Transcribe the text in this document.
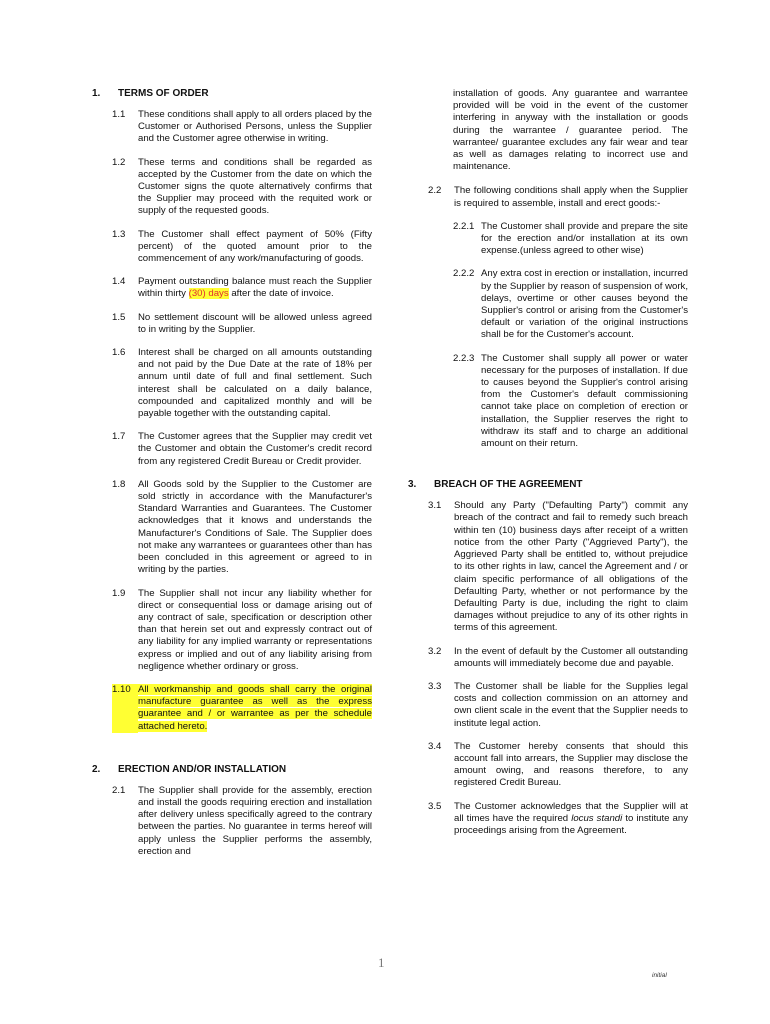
1.	TERMS OF ORDER
1.1	These conditions shall apply to all orders placed by the Customer or Authorised Persons, unless the Supplier and the Customer agree otherwise in writing.
1.2	These terms and conditions shall be regarded as accepted by the Customer from the date on which the Customer signs the quote alternatively confirms that the Supplier may proceed with the requited work or supply of the requested goods.
1.3	The Customer shall effect payment of 50% (Fifty percent) of the quoted amount prior to the commencement of any work/manufacturing of goods.
1.4	Payment outstanding balance must reach the Supplier within thirty (30) days after the date of invoice.
1.5	No settlement discount will be allowed unless agreed to in writing by the Supplier.
1.6	Interest shall be charged on all amounts outstanding and not paid by the Due Date at the rate of 18% per annum until date of full and final settlement. Such interest shall be calculated on a daily balance, compounded and capitalized monthly and will be payable together with the outstanding capital.
1.7	The Customer agrees that the Supplier may credit vet the Customer and obtain the Customer's credit record from any registered Credit Bureau or Credit provider.
1.8	All Goods sold by the Supplier to the Customer are sold strictly in accordance with the Manufacturer's Standard Warranties and Guarantees. The Customer acknowledges that it knows and understands the Manufacturer's Conditions of Sale. The Supplier does not make any warrantees or guarantees other than has been concluded in this agreement or agreed to in writing by the parties.
1.9	The Supplier shall not incur any liability whether for direct or consequential loss or damage arising out of any contract of sale, specification or description other than that herein set out and expressly contract out of any liability for any implied warranty or representations express or implied and out of any liability arising from negligence whether ordinary or gross.
1.10 All workmanship and goods shall carry the original manufacture guarantee as well as the express guarantee and / or warrantee as per the schedule attached hereto.
2.	ERECTION AND/OR INSTALLATION
2.1	The Supplier shall provide for the assembly, erection and install the goods requiring erection and installation after delivery unless specifically agreed to the contrary between the parties. No guarantee in terms hereof will apply unless the Supplier performs the assembly, erection and
installation of goods. Any guarantee and warrantee provided will be void in the event of the customer interfering in anyway with the installation or goods during the warrantee / guarantee period. The warrantee/ guarantee excludes any fair wear and tear as well as damages relating to incorrect use and maintenance.
2.2	The following conditions shall apply when the Supplier is required to assemble, install and erect goods:-
2.2.1 The Customer shall provide and prepare the site for the erection and/or installation at its own expense.(unless agreed to other wise)
2.2.2 Any extra cost in erection or installation, incurred by the Supplier by reason of suspension of work, delays, overtime or other causes beyond the Supplier's control or arising from the Customer's default or variation of the original instructions shall be for the Customer's account.
2.2.3 The Customer shall supply all power or water necessary for the purposes of installation. If due to causes beyond the Supplier's control arising from the Customer's default commissioning cannot take place on completion of erection or installation, the Supplier reserves the right to withdraw its staff and to charge an additional amount on their return.
3.	BREACH OF THE AGREEMENT
3.1	Should any Party ("Defaulting Party") commit any breach of the contract and fail to remedy such breach within ten (10) business days after receipt of a written notice from the other Party ("Aggrieved Party"), the Aggrieved Party shall be entitled to, without prejudice to its other rights in law, cancel the Agreement and / or claim specific performance of all obligations of the Defaulting Party, whether or not performance by the Defaulting Party is due, including the right to claim damages without prejudice to any of its other rights in terms of this agreement.
3.2	In the event of default by the Customer all outstanding amounts will immediately become due and payable.
3.3	The Customer shall be liable for the Supplies legal costs and collection commission on an attorney and own client scale in the event that the Supplier needs to institute legal action.
3.4	The Customer hereby consents that should this account fall into arrears, the Supplier may disclose the amount owing, and reasons therefore, to any registered Credit Bureau.
3.5	The Customer acknowledges that the Supplier will at all times have the required locus standi to institute any proceedings arising from the Agreement.
1
initial
